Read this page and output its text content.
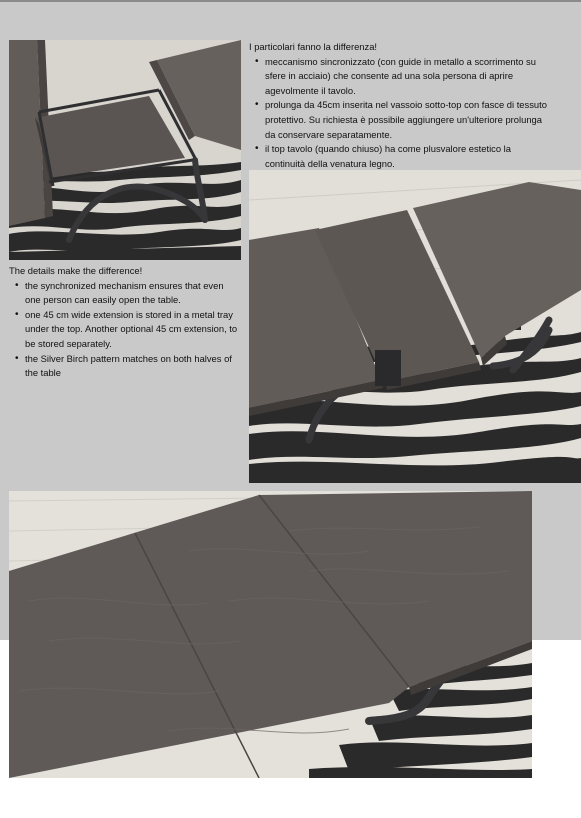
I particolari fanno la differenza!
• meccanismo sincronizzato (con guide in metallo a scorrimento su sfere in acciaio) che consente ad una sola persona di aprire agevolmente il tavolo.
• prolunga da 45cm inserita nel vassoio sotto-top con fasce di tessuto protettivo. Su richiesta è possibile aggiungere un'ulteriore prolunga da conservare separatamente.
• il top tavolo (quando chiuso) ha come plusvalore estetico la continuità della venatura legno.
The details make the difference!
• the synchronized mechanism ensures that even one person can easily open the table.
• one 45 cm wide extension is stored in a metal tray under the top. Another optional 45 cm extension, to be stored separately.
• the Silver Birch pattern matches on both halves of the table
